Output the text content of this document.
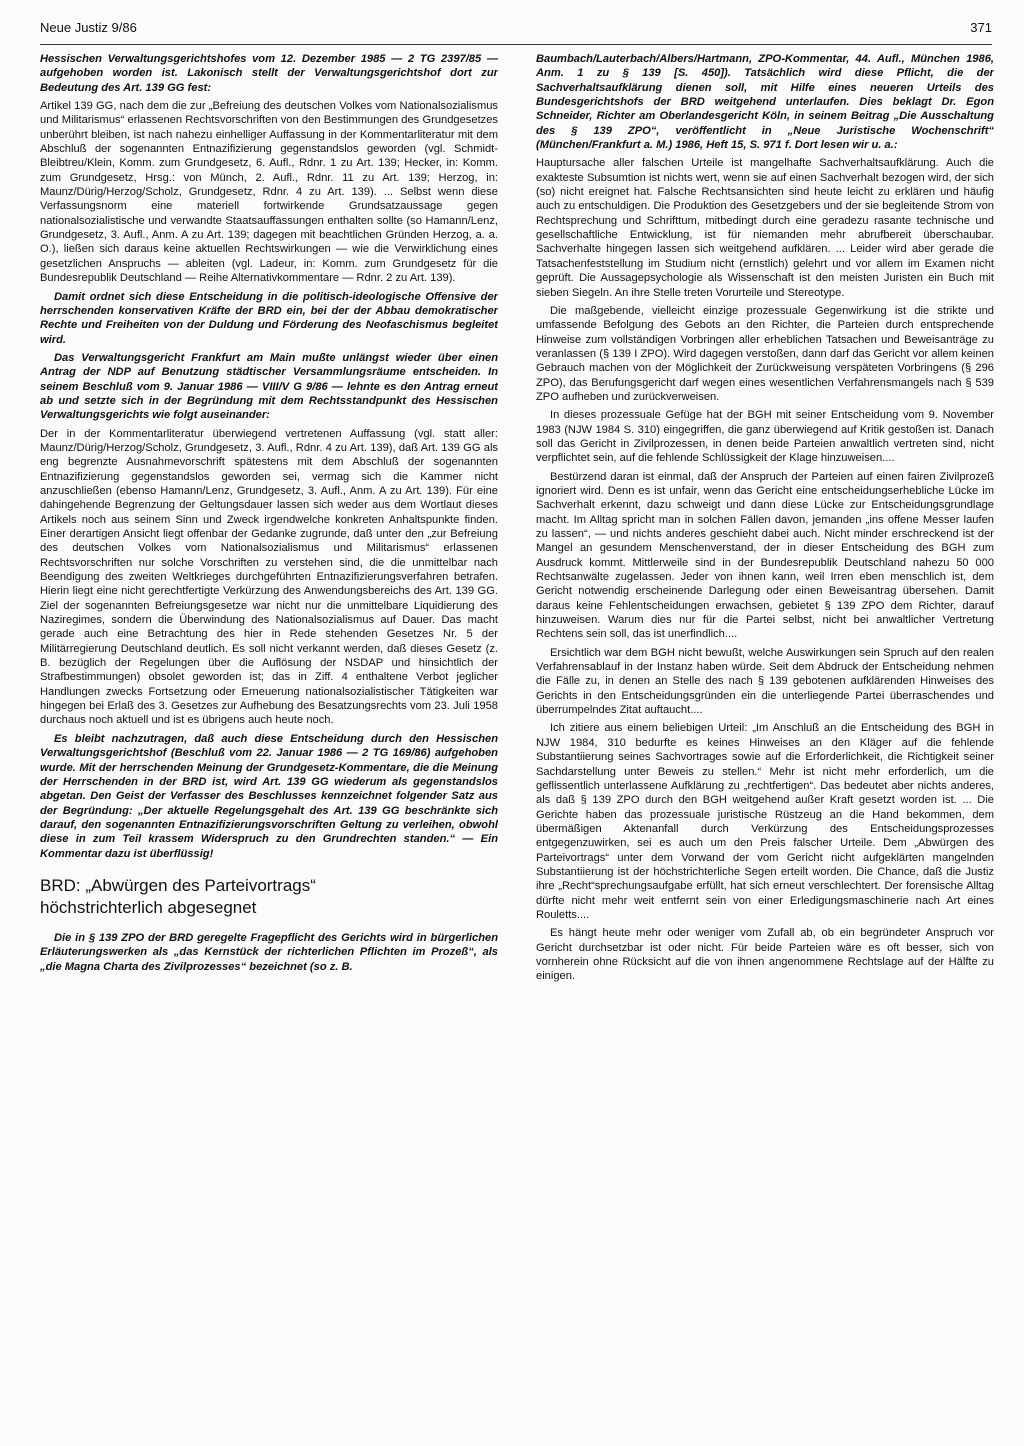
Neue Justiz 9/86	371

Hessischen Verwaltungsgerichtshofes vom 12. Dezember 1985 — 2 TG 2397/85 — aufgehoben worden ist. Lakonisch stellt der Verwaltungsgerichtshof dort zur Bedeutung des Art. 139 GG fest:

Artikel 139 GG, nach dem die zur „Befreiung des deutschen Volkes vom Nationalsozialismus und Militarismus“ erlassenen Rechtsvorschriften von den Bestimmungen des Grundgesetzes unberührt bleiben, ist nach nahezu einhelliger Auffassung in der Kommentarliteratur mit dem Abschluß der sogenannten Entnazifizierung gegenstandslos geworden (vgl. Schmidt-Bleibtreu/Klein, Komm. zum Grundgesetz, 6. Aufl., Rdnr. 1 zu Art. 139; Hecker, in: Komm. zum Grundgesetz, Hrsg.: von Münch, 2. Aufl., Rdnr. 11 zu Art. 139; Herzog, in: Maunz/Dürig/Herzog/Scholz, Grundgesetz, Rdnr. 4 zu Art. 139). ... Selbst wenn diese Verfassungsnorm eine materiell fortwirkende Grundsatzaussage gegen nationalsozialistische und verwandte Staatsauffassungen enthalten sollte (so Hamann/Lenz, Grundgesetz, 3. Aufl., Anm. A zu Art. 139; dagegen mit beachtlichen Gründen Herzog, a. a. O.), ließen sich daraus keine aktuellen Rechtswirkungen — wie die Verwirklichung eines gesetzlichen Anspruchs — ableiten (vgl. Ladeur, in: Komm. zum Grundgesetz für die Bundesrepublik Deutschland — Reihe Alternativkommentare — Rdnr. 2 zu Art. 139).

Damit ordnet sich diese Entscheidung in die politisch-ideologische Offensive der herrschenden konservativen Kräfte der BRD ein, bei der der Abbau demokratischer Rechte und Freiheiten von der Duldung und Förderung des Neofaschismus begleitet wird.

Das Verwaltungsgericht Frankfurt am Main mußte unlängst wieder über einen Antrag der NDP auf Benutzung städtischer Versammlungsräume entscheiden. In seinem Beschluß vom 9. Januar 1986 — VIII/V G 9/86 — lehnte es den Antrag erneut ab und setzte sich in der Begründung mit dem Rechtsstandpunkt des Hessischen Verwaltungsgerichts wie folgt auseinander:

Der in der Kommentarliteratur überwiegend vertretenen Auffassung (vgl. statt aller: Maunz/Dürig/Herzog/Scholz, Grundgesetz, 3. Aufl., Rdnr. 4 zu Art. 139), daß Art. 139 GG als eng begrenzte Ausnahmevorschrift spätestens mit dem Abschluß der sogenannten Entnazifizierung gegenstandslos geworden sei, vermag sich die Kammer nicht anzuschließen (ebenso Hamann/Lenz, Grundgesetz, 3. Aufl., Anm. A zu Art. 139). Für eine dahingehende Begrenzung der Geltungsdauer lassen sich weder aus dem Wortlaut dieses Artikels noch aus seinem Sinn und Zweck irgendwelche konkreten Anhaltspunkte finden. Einer derartigen Ansicht liegt offenbar der Gedanke zugrunde, daß unter den „zur Befreiung des deutschen Volkes vom Nationalsozialismus und Militarismus“ erlassenen Rechtsvorschriften nur solche Vorschriften zu verstehen sind, die die unmittelbar nach Beendigung des zweiten Weltkrieges durchgeführten Entnazifizierungsverfahren betrafen. Hierin liegt eine nicht gerechtfertigte Verkürzung des Anwendungsbereichs des Art. 139 GG. Ziel der sogenannten Befreiungsgesetze war nicht nur die unmittelbare Liquidierung des Naziregimes, sondern die Überwindung des Nationalsozialismus auf Dauer. Das macht gerade auch eine Betrachtung des hier in Rede stehenden Gesetzes Nr. 5 der Militärregierung Deutschland deutlich. Es soll nicht verkannt werden, daß dieses Gesetz (z. B. bezüglich der Regelungen über die Auflösung der NSDAP und hinsichtlich der Strafbestimmungen) obsolet geworden ist; das in Ziff. 4 enthaltene Verbot jeglicher Handlungen zwecks Fortsetzung oder Erneuerung nationalsozialistischer Tätigkeiten war hingegen bei Erlaß des 3. Gesetzes zur Aufhebung des Besatzungsrechts vom 23. Juli 1958 durchaus noch aktuell und ist es übrigens auch heute noch.

Es bleibt nachzutragen, daß auch diese Entscheidung durch den Hessischen Verwaltungsgerichtshof (Beschluß vom 22. Januar 1986 — 2 TG 169/86) aufgehoben wurde. Mit der herrschenden Meinung der Grundgesetz-Kommentare, die die Meinung der Herrschenden in der BRD ist, wird Art. 139 GG wiederum als gegenstandslos abgetan. Den Geist der Verfasser des Beschlusses kennzeichnet folgender Satz aus der Begründung: „Der aktuelle Regelungsgehalt des Art. 139 GG beschränkte sich darauf, den sogenannten Entnazifizierungsvorschriften Geltung zu verleihen, obwohl diese in zum Teil krassem Widerspruch zu den Grundrechten standen.“ — Ein Kommentar dazu ist überflüssig!

BRD: „Abwürgen des Parteivortrags“
höchstrichterlich abgesegnet

Die in § 139 ZPO der BRD geregelte Fragepflicht des Gerichts wird in bürgerlichen Erläuterungswerken als „das Kernstück der richterlichen Pflichten im Prozeß“, als „die Magna Charta des Zivilprozesses“ bezeichnet (so z. B.

Baumbach/Lauterbach/Albers/Hartmann, ZPO-Kommentar, 44. Aufl., München 1986, Anm. 1 zu § 139 [S. 450]). Tatsächlich wird diese Pflicht, die der Sachverhaltsaufklärung dienen soll, mit Hilfe eines neueren Urteils des Bundesgerichtshofs der BRD weitgehend unterlaufen. Dies beklagt Dr. Egon Schneider, Richter am Oberlandesgericht Köln, in seinem Beitrag „Die Ausschaltung des § 139 ZPO“, veröffentlicht in „Neue Juristische Wochenschrift“ (München/Frankfurt a. M.) 1986, Heft 15, S. 971 f. Dort lesen wir u. a.:

Hauptursache aller falschen Urteile ist mangelhafte Sachverhaltsaufklärung. Auch die exakteste Subsumtion ist nichts wert, wenn sie auf einen Sachverhalt bezogen wird, der sich (so) nicht ereignet hat. Falsche Rechtsansichten sind heute leicht zu erklären und häufig auch zu entschuldigen. Die Produktion des Gesetzgebers und der sie begleitende Strom von Rechtsprechung und Schrifttum, mitbedingt durch eine geradezu rasante technische und gesellschaftliche Entwicklung, ist für niemanden mehr abrufbereit überschaubar. Sachverhalte hingegen lassen sich weitgehend aufklären. ... Leider wird aber gerade die Tatsachenfeststellung im Studium nicht (ernstlich) gelehrt und vor allem im Examen nicht geprüft. Die Aussagepsychologie als Wissenschaft ist den meisten Juristen ein Buch mit sieben Siegeln. An ihre Stelle treten Vorurteile und Stereotype.

Die maßgebende, vielleicht einzige prozessuale Gegenwirkung ist die strikte und umfassende Befolgung des Gebots an den Richter, die Parteien durch entsprechende Hinweise zum vollständigen Vorbringen aller erheblichen Tatsachen und Beweisanträge zu veranlassen (§ 139 I ZPO). Wird dagegen verstoßen, dann darf das Gericht vor allem keinen Gebrauch machen von der Möglichkeit der Zurückweisung verspäteten Vorbringens (§ 296 ZPO), das Berufungsgericht darf wegen eines wesentlichen Verfahrensmangels nach § 539 ZPO aufheben und zurückverweisen.

In dieses prozessuale Gefüge hat der BGH mit seiner Entscheidung vom 9. November 1983 (NJW 1984 S. 310) eingegriffen, die ganz überwiegend auf Kritik gestoßen ist. Danach soll das Gericht in Zivilprozessen, in denen beide Parteien anwaltlich vertreten sind, nicht verpflichtet sein, auf die fehlende Schlüssigkeit der Klage hinzuweisen....

Bestürzend daran ist einmal, daß der Anspruch der Parteien auf einen fairen Zivilprozeß ignoriert wird. Denn es ist unfair, wenn das Gericht eine entscheidungserhebliche Lücke im Sachverhalt erkennt, dazu schweigt und dann diese Lücke zur Entscheidungsgrundlage macht. Im Alltag spricht man in solchen Fällen davon, jemanden „ins offene Messer laufen zu lassen“, — und nichts anderes geschieht dabei auch. Nicht minder erschreckend ist der Mangel an gesundem Menschenverstand, der in dieser Entscheidung des BGH zum Ausdruck kommt. Mittlerweile sind in der Bundesrepublik Deutschland nahezu 50 000 Rechtsanwälte zugelassen. Jeder von ihnen kann, weil Irren eben menschlich ist, dem Gericht notwendig erscheinende Darlegung oder einen Beweisantrag übersehen. Damit daraus keine Fehlentscheidungen erwachsen, gebietet § 139 ZPO dem Richter, darauf hinzuweisen. Warum dies nur für die Partei selbst, nicht bei anwaltlicher Vertretung Rechtens sein soll, das ist unerfindlich....

Ersichtlich war dem BGH nicht bewußt, welche Auswirkungen sein Spruch auf den realen Verfahrensablauf in der Instanz haben würde. Seit dem Abdruck der Entscheidung nehmen die Fälle zu, in denen an Stelle des nach § 139 gebotenen aufklärenden Hinweises des Gerichts in den Entscheidungsgründen ein die unterliegende Partei überraschendes und überrumpelndes Zitat auftaucht....

Ich zitiere aus einem beliebigen Urteil: „Im Anschluß an die Entscheidung des BGH in NJW 1984, 310 bedurfte es keines Hinweises an den Kläger auf die fehlende Substantiierung seines Sachvortrages sowie auf die Erforderlichkeit, die Richtigkeit seiner Sachdarstellung unter Beweis zu stellen.“ Mehr ist nicht mehr erforderlich, um die geflissentlich unterlassene Aufklärung zu „rechtfertigen“. Das bedeutet aber nichts anderes, als daß § 139 ZPO durch den BGH weitgehend außer Kraft gesetzt worden ist. ... Die Gerichte haben das prozessuale juristische Rüstzeug an die Hand bekommen, dem übermäßigen Aktenanfall durch Verkürzung des Entscheidungsprozesses entgegenzuwirken, sei es auch um den Preis falscher Urteile. Dem „Abwürgen des Parteivortrags“ unter dem Vorwand der vom Gericht nicht aufgeklärten mangelnden Substantiierung ist der höchstrichterliche Segen erteilt worden. Die Chance, daß die Justiz ihre „Recht“sprechungsaufgabe erfüllt, hat sich erneut verschlechtert. Der forensische Alltag dürfte nicht mehr weit entfernt sein von einer Erledigungsmaschinerie nach Art eines Rouletts....

Es hängt heute mehr oder weniger vom Zufall ab, ob ein begründeter Anspruch vor Gericht durchsetzbar ist oder nicht. Für beide Parteien wäre es oft besser, sich von vornherein ohne Rücksicht auf die von ihnen angenommene Rechtslage auf der Hälfte zu einigen.
